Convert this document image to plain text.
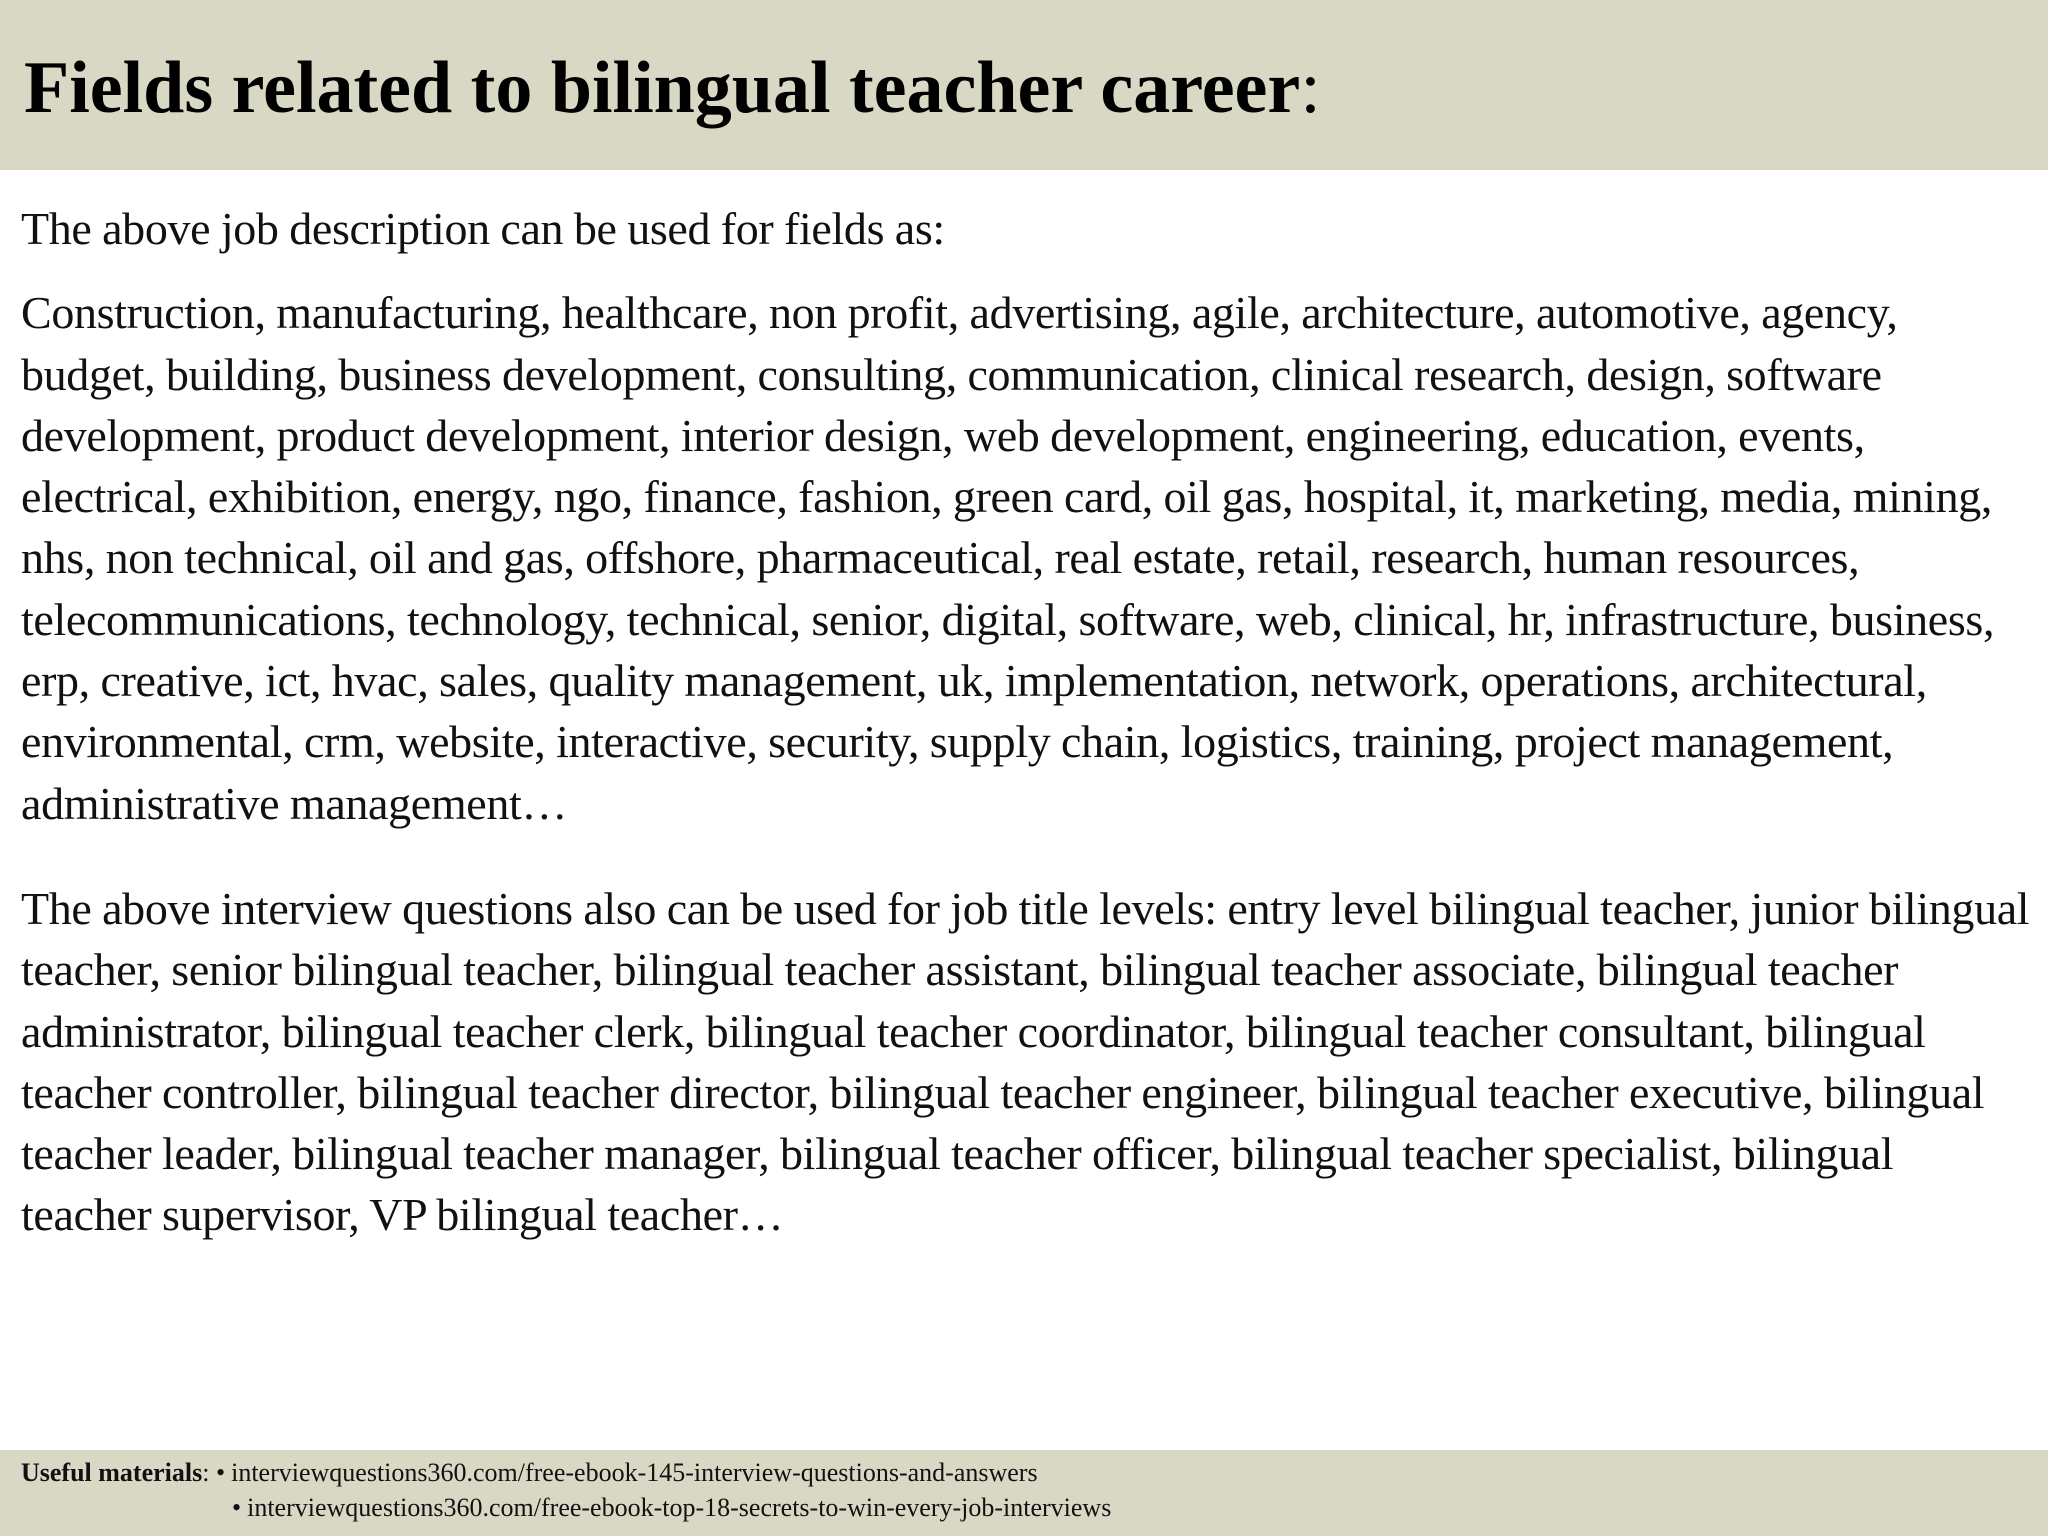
Fields related to bilingual teacher career:

The above job description can be used for fields as:

Construction, manufacturing, healthcare, non profit, advertising, agile, architecture, automotive, agency, budget, building, business development, consulting, communication, clinical research, design, software development, product development, interior design, web development, engineering, education, events, electrical, exhibition, energy, ngo, finance, fashion, green card, oil gas, hospital, it, marketing, media, mining, nhs, non technical, oil and gas, offshore, pharmaceutical, real estate, retail, research, human resources, telecommunications, technology, technical, senior, digital, software, web, clinical, hr, infrastructure, business, erp, creative, ict, hvac, sales, quality management, uk, implementation, network, operations, architectural, environmental, crm, website, interactive, security, supply chain, logistics, training, project management, administrative management…

The above interview questions also can be used for job title levels: entry level bilingual teacher, junior bilingual teacher, senior bilingual teacher, bilingual teacher assistant, bilingual teacher associate, bilingual teacher administrator, bilingual teacher clerk, bilingual teacher coordinator, bilingual teacher consultant, bilingual teacher controller, bilingual teacher director, bilingual teacher engineer, bilingual teacher executive, bilingual teacher leader, bilingual teacher manager, bilingual teacher officer, bilingual teacher specialist, bilingual teacher supervisor, VP bilingual teacher…

Useful materials: • interviewquestions360.com/free-ebook-145-interview-questions-and-answers
• interviewquestions360.com/free-ebook-top-18-secrets-to-win-every-job-interviews
